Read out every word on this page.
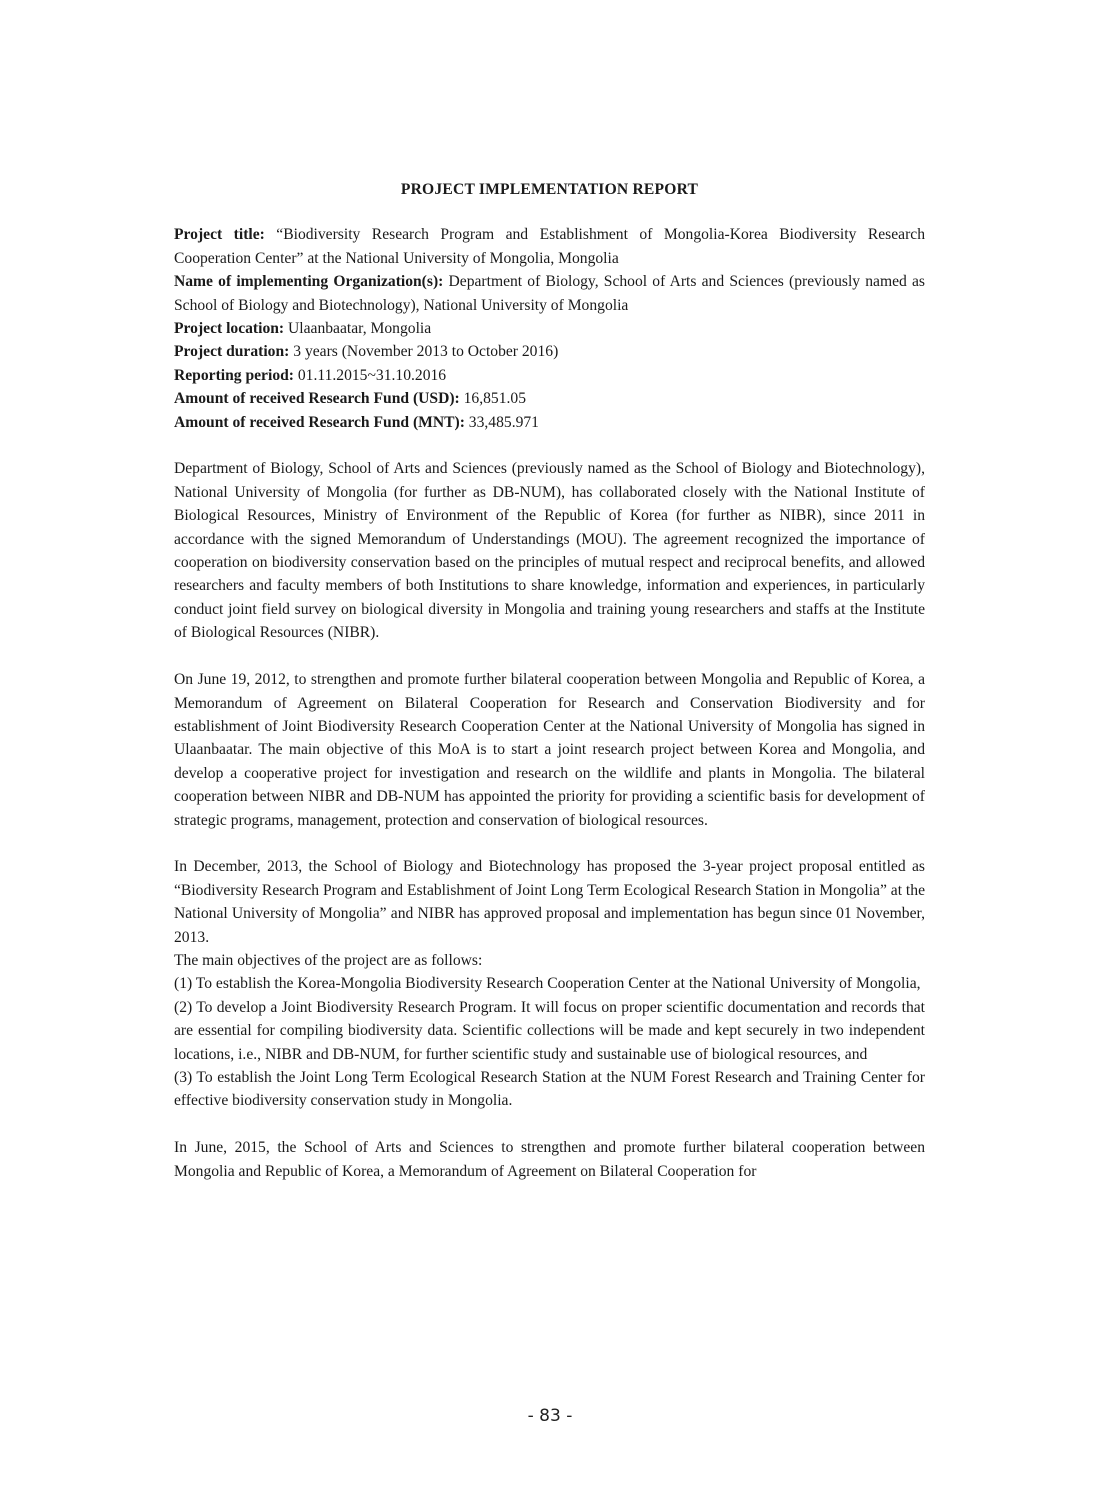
PROJECT IMPLEMENTATION REPORT

Project title: “Biodiversity Research Program and Establishment of Mongolia-Korea Biodiversity Research Cooperation Center” at the National University of Mongolia, Mongolia

Name of implementing Organization(s): Department of Biology, School of Arts and Sciences (previously named as School of Biology and Biotechnology), National University of Mongolia

Project location: Ulaanbaatar, Mongolia

Project duration: 3 years (November 2013 to October 2016)

Reporting period: 01.11.2015~31.10.2016

Amount of received Research Fund (USD): 16,851.05

Amount of received Research Fund (MNT): 33,485.971

Department of Biology, School of Arts and Sciences (previously named as the School of Biology and Biotechnology), National University of Mongolia (for further as DB-NUM), has collaborated closely with the National Institute of Biological Resources, Ministry of Environment of the Republic of Korea (for further as NIBR), since 2011 in accordance with the signed Memorandum of Understandings (MOU). The agreement recognized the importance of cooperation on biodiversity conservation based on the principles of mutual respect and reciprocal benefits, and allowed researchers and faculty members of both Institutions to share knowledge, information and experiences, in particularly conduct joint field survey on biological diversity in Mongolia and training young researchers and staffs at the Institute of Biological Resources (NIBR).

On June 19, 2012, to strengthen and promote further bilateral cooperation between Mongolia and Republic of Korea, a Memorandum of Agreement on Bilateral Cooperation for Research and Conservation Biodiversity and for establishment of Joint Biodiversity Research Cooperation Center at the National University of Mongolia has signed in Ulaanbaatar. The main objective of this MoA is to start a joint research project between Korea and Mongolia, and develop a cooperative project for investigation and research on the wildlife and plants in Mongolia. The bilateral cooperation between NIBR and DB-NUM has appointed the priority for providing a scientific basis for development of strategic programs, management, protection and conservation of biological resources.

In December, 2013, the School of Biology and Biotechnology has proposed the 3-year project proposal entitled as “Biodiversity Research Program and Establishment of Joint Long Term Ecological Research Station in Mongolia” at the National University of Mongolia” and NIBR has approved proposal and implementation has begun since 01 November, 2013.

The main objectives of the project are as follows:

(1) To establish the Korea-Mongolia Biodiversity Research Cooperation Center at the National University of Mongolia,

(2) To develop a Joint Biodiversity Research Program. It will focus on proper scientific documentation and records that are essential for compiling biodiversity data. Scientific collections will be made and kept securely in two independent locations, i.e., NIBR and DB-NUM, for further scientific study and sustainable use of biological resources, and

(3) To establish the Joint Long Term Ecological Research Station at the NUM Forest Research and Training Center for effective biodiversity conservation study in Mongolia.

In June, 2015, the School of Arts and Sciences to strengthen and promote further bilateral cooperation between Mongolia and Republic of Korea, a Memorandum of Agreement on Bilateral Cooperation for

- 83 -
